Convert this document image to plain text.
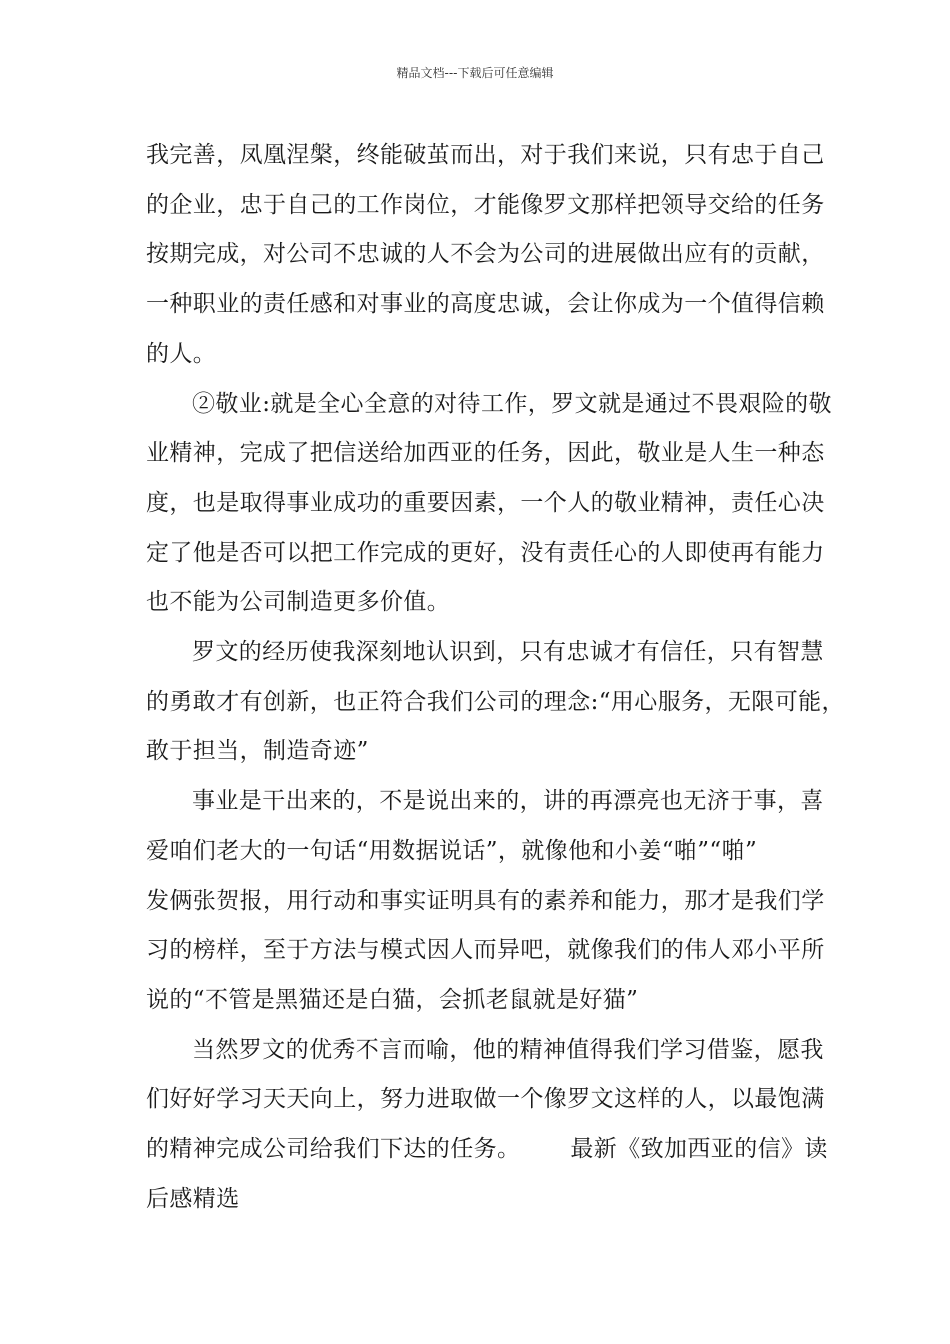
精品文档---下载后可任意编辑

我完善，凤凰涅槃，终能破茧而出，对于我们来说，只有忠于自己
的企业，忠于自己的工作岗位，才能像罗文那样把领导交给的任务
按期完成，对公司不忠诚的人不会为公司的进展做出应有的贡献，
一种职业的责任感和对事业的高度忠诚，会让你成为一个值得信赖
的人。

②敬业:就是全心全意的对待工作，罗文就是通过不畏艰险的敬
业精神，完成了把信送给加西亚的任务，因此，敬业是人生一种态
度，也是取得事业成功的重要因素，一个人的敬业精神，责任心决
定了他是否可以把工作完成的更好，没有责任心的人即使再有能力
也不能为公司制造更多价值。

罗文的经历使我深刻地认识到，只有忠诚才有信任，只有智慧
的勇敢才有创新，也正符合我们公司的理念:“用心服务，无限可能，
敢于担当，制造奇迹”

事业是干出来的，不是说出来的，讲的再漂亮也无济于事，喜
爱咱们老大的一句话“用数据说话”，就像他和小姜“啪”“啪”
发俩张贺报，用行动和事实证明具有的素养和能力，那才是我们学
习的榜样，至于方法与模式因人而异吧，就像我们的伟人邓小平所
说的“不管是黑猫还是白猫，会抓老鼠就是好猫”

当然罗文的优秀不言而喻，他的精神值得我们学习借鉴，愿我
们好好学习天天向上，努力进取做一个像罗文这样的人，以最饱满
的精神完成公司给我们下达的任务。 最新《致加西亚的信》读
后感精选
